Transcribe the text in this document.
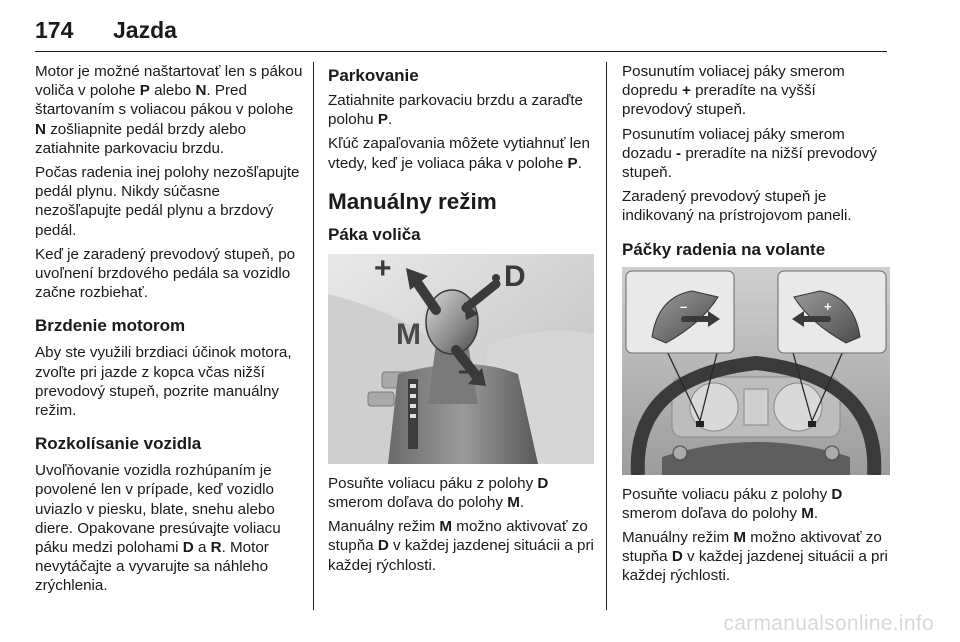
174 Jazda

Motor je možné naštartovať len s pákou voliča v polohe P alebo N. Pred štartovaním s voliacou pákou v polohe N zošliapnite pedál brzdy alebo zatiahnite parkovaciu brzdu.

Počas radenia inej polohy nezošľapujte pedál plynu. Nikdy súčasne nezošľapujte pedál plynu a brzdový pedál.

Keď je zaradený prevodový stupeň, po uvoľnení brzdového pedála sa vozidlo začne rozbiehať.

Brzdenie motorom

Aby ste využili brzdiaci účinok motora, zvoľte pri jazde z kopca včas nižší prevodový stupeň, pozrite manuálny režim.

Rozkolísanie vozidla

Uvoľňovanie vozidla rozhúpaním je povolené len v prípade, keď vozidlo uviazlo v piesku, blate, snehu alebo diere. Opakovane presúvajte voliacu páku medzi polohami D a R. Motor nevytáčajte a vyvarujte sa náhleho zrýchlenia.

Parkovanie

Zatiahnite parkovaciu brzdu a zaraďte polohu P.

Kľúč zapaľovania môžete vytiahnuť len vtedy, keď je voliaca páka v polohe P.

Manuálny režim
Páka voliča
+	D
M
–

Posuňte voliacu páku z polohy D smerom doľava do polohy M.

Manuálny režim M možno aktivovať zo stupňa D v každej jazdenej situácii a pri každej rýchlosti.

Posunutím voliacej páky smerom dopredu + preradíte na vyšší prevodový stupeň.

Posunutím voliacej páky smerom dozadu - preradíte na nižší prevodový stupeň.

Zaradený prevodový stupeň je indikovaný na prístrojovom paneli.

Páčky radenia na volante
–	+

Posuňte voliacu páku z polohy D smerom doľava do polohy M.

Manuálny režim M možno aktivovať zo stupňa D v každej jazdenej situácii a pri každej rýchlosti.

carmanualsonline.info
